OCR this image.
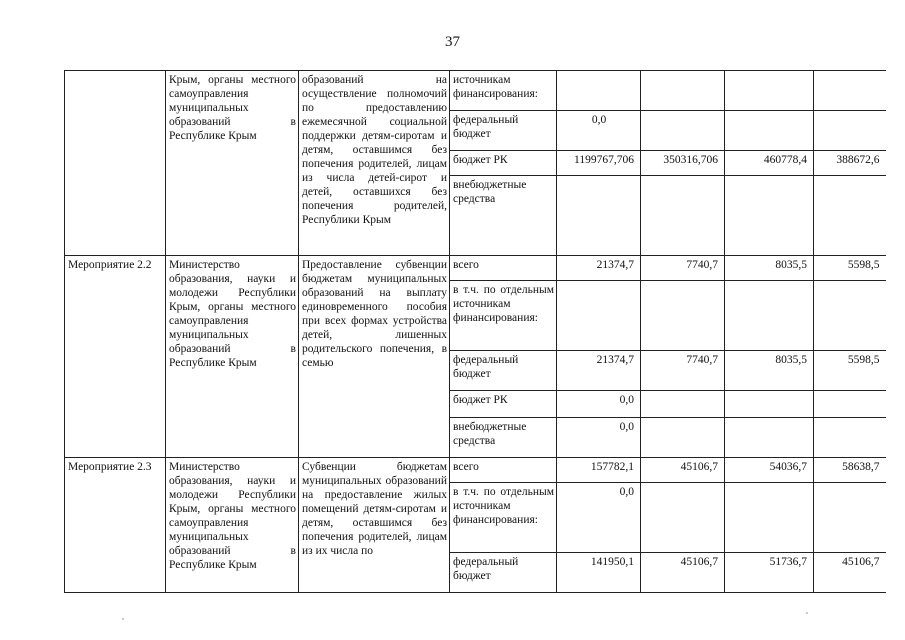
37
	Крым, органы местного самоуправления муниципальных образований в Республике Крым	образований на осуществление полномочий по предоставлению ежемесячной социальной поддержки детям-сиротам и детям, оставшимся без попечения родителей, лицам из числа детей-сирот и детей, оставшихся без попечения родителей, Республики Крым	источникам финансирования:				
			федеральный бюджет	0,0			
			бюджет РК	1199767,706	350316,706	460778,4	388672,6
			внебюджетные средства				
Мероприятие 2.2	Министерство образования, науки и молодежи Республики Крым, органы местного самоуправления муниципальных образований в Республике Крым	Предоставление субвенции бюджетам муниципальных образований на выплату единовременного пособия при всех формах устройства детей, лишенных родительского попечения, в семью	всего	21374,7	7740,7	8035,5	5598,5
			в т.ч. по отдельным источникам финансирования:				
			федеральный бюджет	21374,7	7740,7	8035,5	5598,5
			бюджет РК	0,0			
			внебюджетные средства	0,0			
Мероприятие 2.3	Министерство образования, науки и молодежи Республики Крым, органы местного самоуправления муниципальных образований в Республике Крым	Субвенции бюджетам муниципальных образований на предоставление жилых помещений детям-сиротам и детям, оставшимся без попечения родителей, лицам из их числа по	всего	157782,1	45106,7	54036,7	58638,7
			в т.ч. по отдельным источникам финансирования:	0,0			
			федеральный бюджет	141950,1	45106,7	51736,7	45106,7
